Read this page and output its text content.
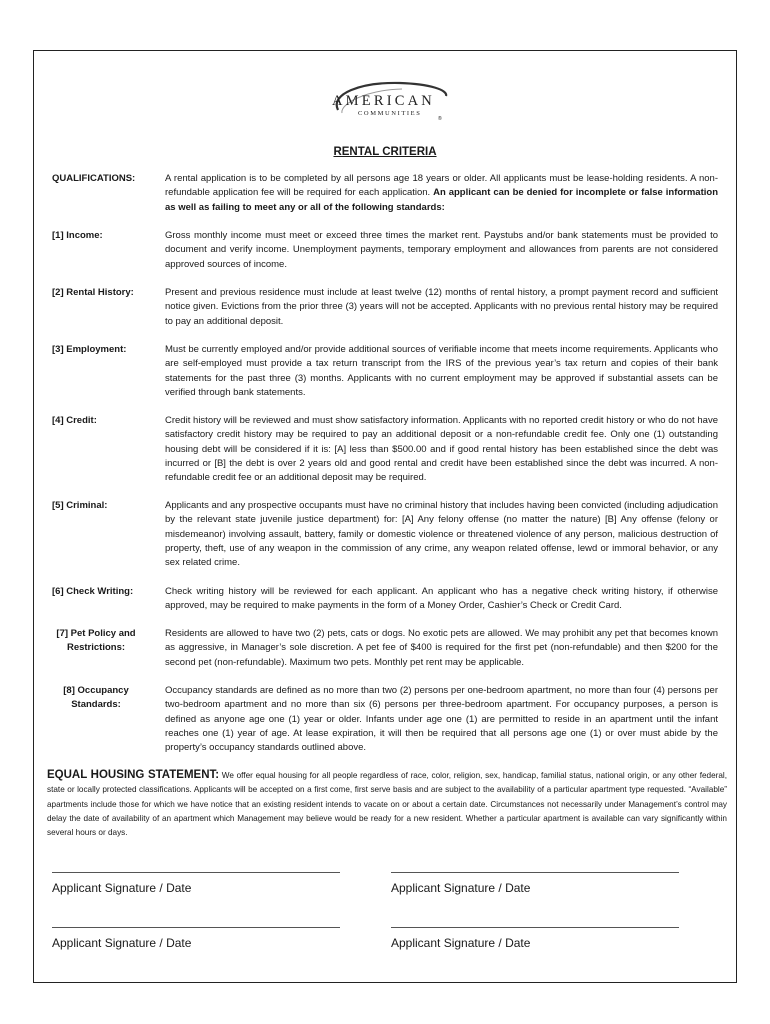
AMERICAN
COMMUNITIES
®
RENTAL CRITERIA
QUALIFICATIONS:	A rental application is to be completed by all persons age 18 years or older. All applicants must be lease-holding residents. A non-refundable application fee will be required for each application. An applicant can be denied for incomplete or false information as well as failing to meet any or all of the following standards:
[1] Income:	Gross monthly income must meet or exceed three times the market rent. Paystubs and/or bank statements must be provided to document and verify income. Unemployment payments, temporary employment and allowances from parents are not considered approved sources of income.
[2] Rental History:	Present and previous residence must include at least twelve (12) months of rental history, a prompt payment record and sufficient notice given. Evictions from the prior three (3) years will not be accepted. Applicants with no previous rental history may be required to pay an additional deposit.
[3] Employment:	Must be currently employed and/or provide additional sources of verifiable income that meets income requirements. Applicants who are self-employed must provide a tax return transcript from the IRS of the previous year’s tax return and copies of their bank statements for the past three (3) months. Applicants with no current employment may be approved if substantial assets can be verified through bank statements.
[4] Credit:	Credit history will be reviewed and must show satisfactory information. Applicants with no reported credit history or who do not have satisfactory credit history may be required to pay an additional deposit or a non-refundable credit fee. Only one (1) outstanding housing debt will be considered if it is: [A] less than $500.00 and if good rental history has been established since the debt was incurred or [B] the debt is over 2 years old and good rental and credit have been established since the debt was incurred. A non-refundable credit fee or an additional deposit may be required.
[5] Criminal:	Applicants and any prospective occupants must have no criminal history that includes having been convicted (including adjudication by the relevant state juvenile justice department) for: [A] Any felony offense (no matter the nature) [B] Any offense (felony or misdemeanor) involving assault, battery, family or domestic violence or threatened violence of any person, malicious destruction of property, theft, use of any weapon in the commission of any crime, any weapon related offense, lewd or immoral behavior, or any sex related crime.
[6] Check Writing:	Check writing history will be reviewed for each applicant. An applicant who has a negative check writing history, if otherwise approved, may be required to make payments in the form of a Money Order, Cashier’s Check or Credit Card.
[7] Pet Policy and Restrictions:
Residents are allowed to have two (2) pets, cats or dogs. No exotic pets are allowed. We may prohibit any pet that becomes known as aggressive, in Manager’s sole discretion. A pet fee of $400 is required for the first pet (non-refundable) and then $200 for the second pet (non-refundable). Maximum two pets. Monthly pet rent may be applicable.
[8] Occupancy Standards:
Occupancy standards are defined as no more than two (2) persons per one-bedroom apartment, no more than four (4) persons per two-bedroom apartment and no more than six (6) persons per three-bedroom apartment. For occupancy purposes, a person is defined as anyone age one (1) year or older. Infants under age one (1) are permitted to reside in an apartment until the infant reaches one (1) year of age. At lease expiration, it will then be required that all persons age one (1) or over must abide by the property’s occupancy standards outlined above.
EQUAL HOUSING STATEMENT: We offer equal housing for all people regardless of race, color, religion, sex, handicap, familial status, national origin, or any other federal, state or locally protected classifications. Applicants will be accepted on a first come, first serve basis and are subject to the availability of a particular apartment type requested. “Available” apartments include those for which we have notice that an existing resident intends to vacate on or about a certain date. Circumstances not necessarily under Management’s control may delay the date of availability of an apartment which Management may believe would be ready for a new resident. Whether a particular apartment is available can vary significantly within several hours or days.
Applicant Signature / Date	Applicant Signature / Date
Applicant Signature / Date	Applicant Signature / Date
